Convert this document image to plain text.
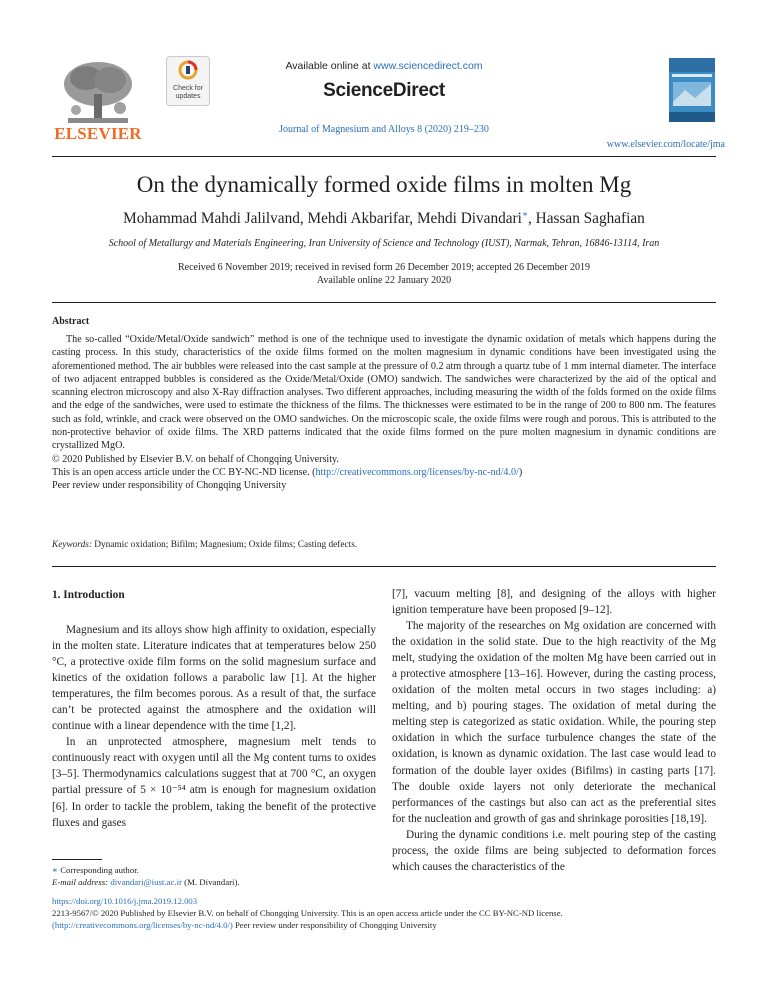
ELSEVIER
Check for updates
Available online at www.sciencedirect.com
ScienceDirect
Journal of Magnesium and Alloys 8 (2020) 219–230
www.elsevier.com/locate/jma
On the dynamically formed oxide films in molten Mg
Mohammad Mahdi Jalilvand, Mehdi Akbarifar, Mehdi Divandari∗, Hassan Saghafian
School of Metallurgy and Materials Engineering, Iran University of Science and Technology (IUST), Narmak, Tehran, 16846-13114, Iran
Received 6 November 2019; received in revised form 26 December 2019; accepted 26 December 2019
Available online 22 January 2020
Abstract

The so-called “Oxide/Metal/Oxide sandwich” method is one of the technique used to investigate the dynamic oxidation of metals which happens during the casting process. In this study, characteristics of the oxide films formed on the molten magnesium in dynamic conditions have been investigated using the aforementioned method. The air bubbles were released into the cast sample at the pressure of 0.2 atm through a quartz tube of 1 mm internal diameter. The interface of two adjacent entrapped bubbles is considered as the Oxide/Metal/Oxide (OMO) sandwich. The sandwiches were characterized by the aid of the optical and scanning electron microscopy and also X-Ray diffraction analyses. Two different approaches, including measuring the width of the folds formed on the oxide films and the edge of the sandwiches, were used to estimate the thickness of the films. The thicknesses were estimated to be in the range of 200 to 800 nm. The features such as fold, wrinkle, and crack were observed on the OMO sandwiches. On the microscopic scale, the oxide films were rough and porous. This is attributed to the non-protective behavior of oxide films. The XRD patterns indicated that the oxide films formed on the pure molten magnesium in dynamic conditions are crystallized MgO.

© 2020 Published by Elsevier B.V. on behalf of Chongqing University.

This is an open access article under the CC BY-NC-ND license. (http://creativecommons.org/licenses/by-nc-nd/4.0/)

Peer review under responsibility of Chongqing University

Keywords: Dynamic oxidation; Bifilm; Magnesium; Oxide films; Casting defects.
1. Introduction

Magnesium and its alloys show high affinity to oxidation, especially in the molten state. Literature indicates that at temperatures below 250 °C, a protective oxide film forms on the solid magnesium surface and kinetics of the oxidation follows a parabolic law [1]. At the higher temperatures, the film becomes porous. As a result of that, the surface can’t be protected against the atmosphere and the oxidation will continue with a linear dependence with the time [1,2].

In an unprotected atmosphere, magnesium melt tends to continuously react with oxygen until all the Mg content turns to oxides [3–5]. Thermodynamics calculations suggest that at 700 °C, an oxygen partial pressure of 5 × 10⁻⁵⁴ atm is enough for magnesium oxidation [6]. In order to tackle the problem, taking the benefit of the protective fluxes and gases

[7], vacuum melting [8], and designing of the alloys with higher ignition temperature have been proposed [9–12].

The majority of the researches on Mg oxidation are concerned with the oxidation in the solid state. Due to the high reactivity of the Mg melt, studying the oxidation of the molten Mg have been carried out in a protective atmosphere [13–16]. However, during the casting process, oxidation of the molten metal occurs in two stages including: a) melting, and b) pouring stages. The oxidation of metal during the melting step is categorized as static oxidation. While, the pouring step oxidation in which the surface turbulence changes the state of the oxidation, is known as dynamic oxidation. The last case would lead to formation of the double layer oxides (Bifilms) in casting parts [17]. The double oxide layers not only deteriorate the mechanical performances of the castings but also can act as the preferential sites for the nucleation and growth of gas and shrinkage porosities [18,19].

During the dynamic conditions i.e. melt pouring step of the casting process, the oxide films are being subjected to deformation forces which causes the characteristics of the

∗ Corresponding author.

E-mail address: divandari@iust.ac.ir (M. Divandari).

https://doi.org/10.1016/j.jma.2019.12.003

2213-9567/© 2020 Published by Elsevier B.V. on behalf of Chongqing University. This is an open access article under the CC BY-NC-ND license.

(http://creativecommons.org/licenses/by-nc-nd/4.0/) Peer review under responsibility of Chongqing University
